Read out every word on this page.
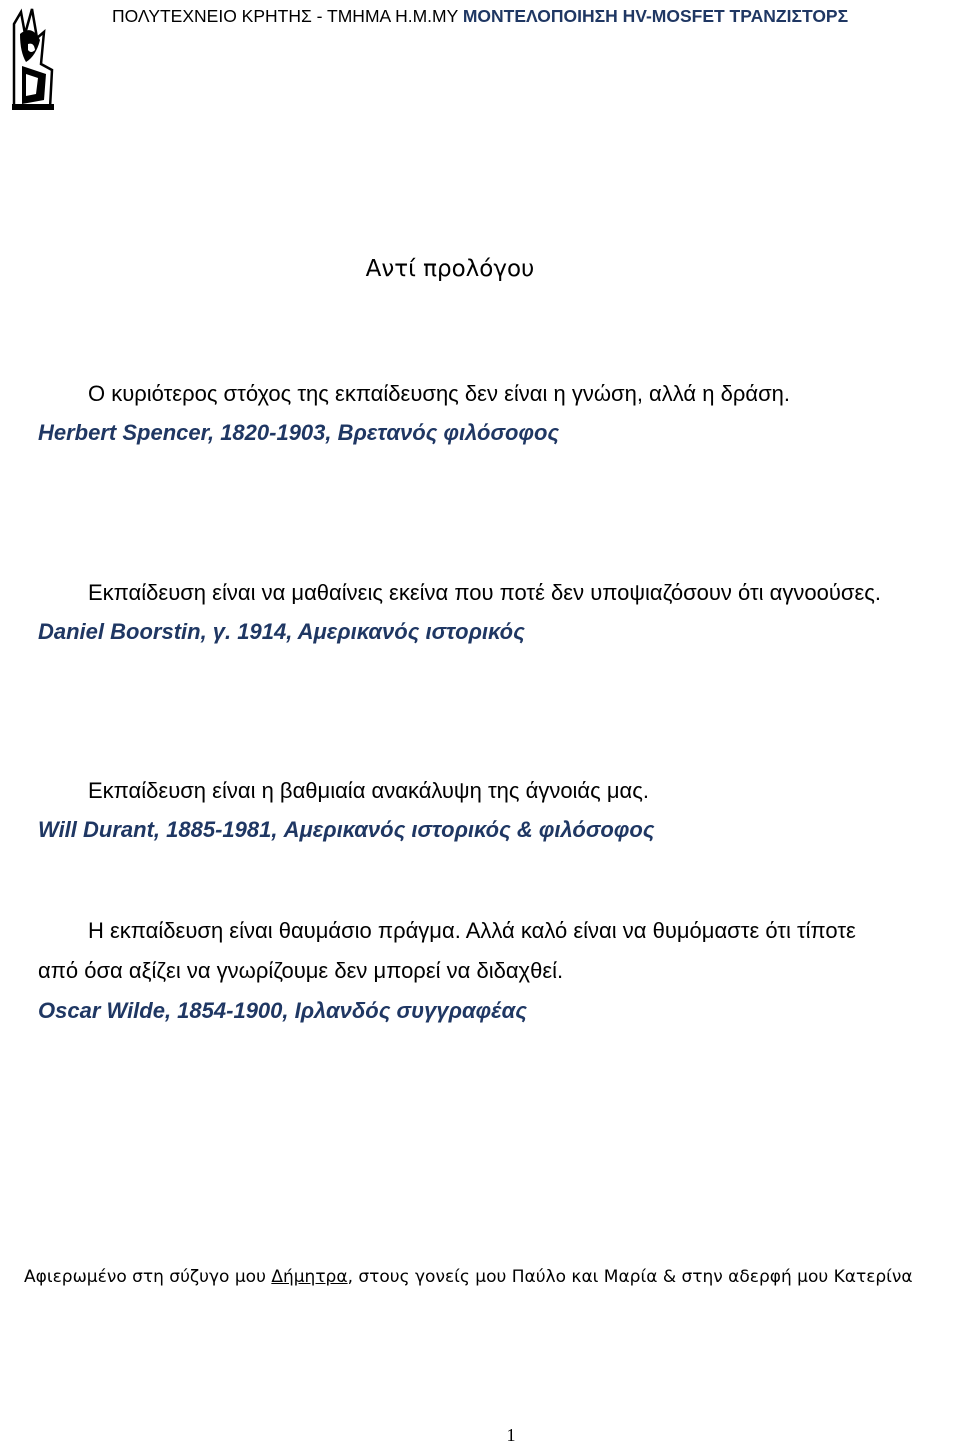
ΠΟΛΥΤΕΧΝΕΙΟ ΚΡΗΤΗΣ - ΤΜΗΜΑ Η.Μ.ΜΥ ΜΟΝΤΕΛΟΠΟΙΗΣΗ HV-MOSFET ΤΡΑΝΖΙΣΤΟΡΣ
Αντί προλόγου
Ο κυριότερος στόχος της εκπαίδευσης δεν είναι η γνώση, αλλά η δράση.
Herbert Spencer, 1820-1903, Βρετανός φιλόσοφος
Εκπαίδευση είναι να μαθαίνεις εκείνα που ποτέ δεν υποψιαζόσουν ότι αγνοούσες.
Daniel Boorstin, γ. 1914, Αμερικανός ιστορικός
Εκπαίδευση είναι η βαθμιαία ανακάλυψη της άγνοιάς μας.
Will Durant, 1885-1981, Αμερικανός ιστορικός & φιλόσοφος
Η εκπαίδευση είναι θαυμάσιο πράγμα. Αλλά καλό είναι να θυμόμαστε ότι τίποτε από όσα αξίζει να γνωρίζουμε δεν μπορεί να διδαχθεί.
Oscar Wilde, 1854-1900, Ιρλανδός συγγραφέας
Αφιερωμένο στη σύζυγο μου Δήμητρα, στους γονείς μου Παύλο και Μαρία & στην αδερφή μου Κατερίνα
1
